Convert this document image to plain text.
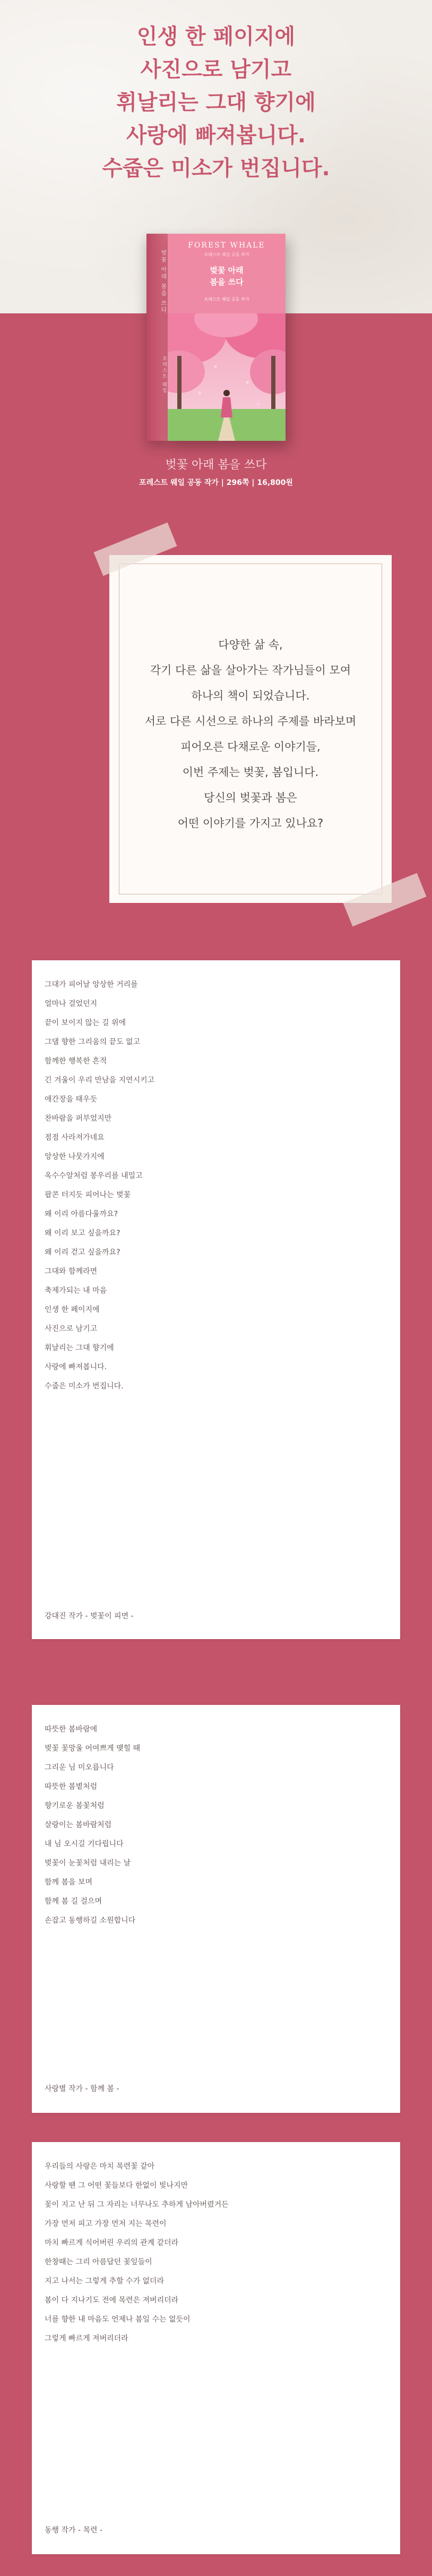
인생 한 페이지에
사진으로 남기고
휘날리는 그대 향기에
사랑에 빠져봅니다.
수줍은 미소가 번집니다.
벚꽃 아래 봄을 쓰다
포레스트 웨일
FOREST WHALE
포레스트 웨일 공동 작가
벚꽃 아래
봄을 쓰다
포레스트 웨일 공동 작가
벚꽃 아래 봄을 쓰다
포레스트 웨일 공동 작가 | 296쪽 | 16,800원
다양한 삶 속,
각기 다른 삶을 살아가는 작가님들이 모여
하나의 책이 되었습니다.
서로 다른 시선으로 하나의 주제를 바라보며
피어오른 다채로운 이야기들,
이번 주제는 벚꽃, 봄입니다.
당신의 벚꽃과 봄은
어떤 이야기를 가지고 있나요?
그대가 피어날 앙상한 거리를
얼마나 걸었던지
끝이 보이지 않는 길 위에
그댈 향한 그리움의 끝도 없고
함께한 행복한 흔적
긴 겨울이 우리 만남을 지연시키고
애간장을 태우듯
찬바람을 퍼부었지만
점점 사라져가네요
앙상한 나뭇가지에
옥수수알처럼 봉우리를 내밀고
팝콘 터지듯 피어나는 벚꽃
왜 이리 아름다울까요?
왜 이리 보고 싶을까요?
왜 이리 걷고 싶을까요?
그대와 함께라면
축제가되는 내 마음
인생 한 페이지에
사진으로 남기고
휘날리는 그대 향기에
사랑에 빠져봅니다.
수줍은 미소가 번집니다.
강대진 작가 - 벚꽃이 피면 -
따뜻한 봄바람에
벚꽃 꽃망울 어여쁘게 맺힐 때
그리운 님 미오릅니다
따뜻한 봄볕처럼
향기로운 봄꽃처럼
살랑이는 봄바람처럼
내 님 오시길 기다립니다
벚꽃이 눈꽃처럼 내리는 날
함께 봄을 보며
함께 봄 길 걸으며
손잡고 동행하길 소원합니다
사랑별 작가 - 함께 봄 -
우리들의 사랑은 마치 목련꽃 같아
사랑할 땐 그 어떤 꽃들보다 한없이 빛나지만
꽃이 지고 난 뒤 그 자리는 너무나도 추하게 남아버렸거든
가장 먼저 피고 가장 먼저 지는 목련이
마치 빠르게 식어버린 우리의 관계 같더라
한창때는 그리 아름답던 꽃잎들이
지고 나서는 그렇게 추할 수가 없더라
봄이 다 지나기도 전에 목련은 져버리더라
너를 향한 내 마음도 언제나 봄일 수는 없듯이
그렇게 빠르게 져버리더라
동행 작가 - 목련 -
